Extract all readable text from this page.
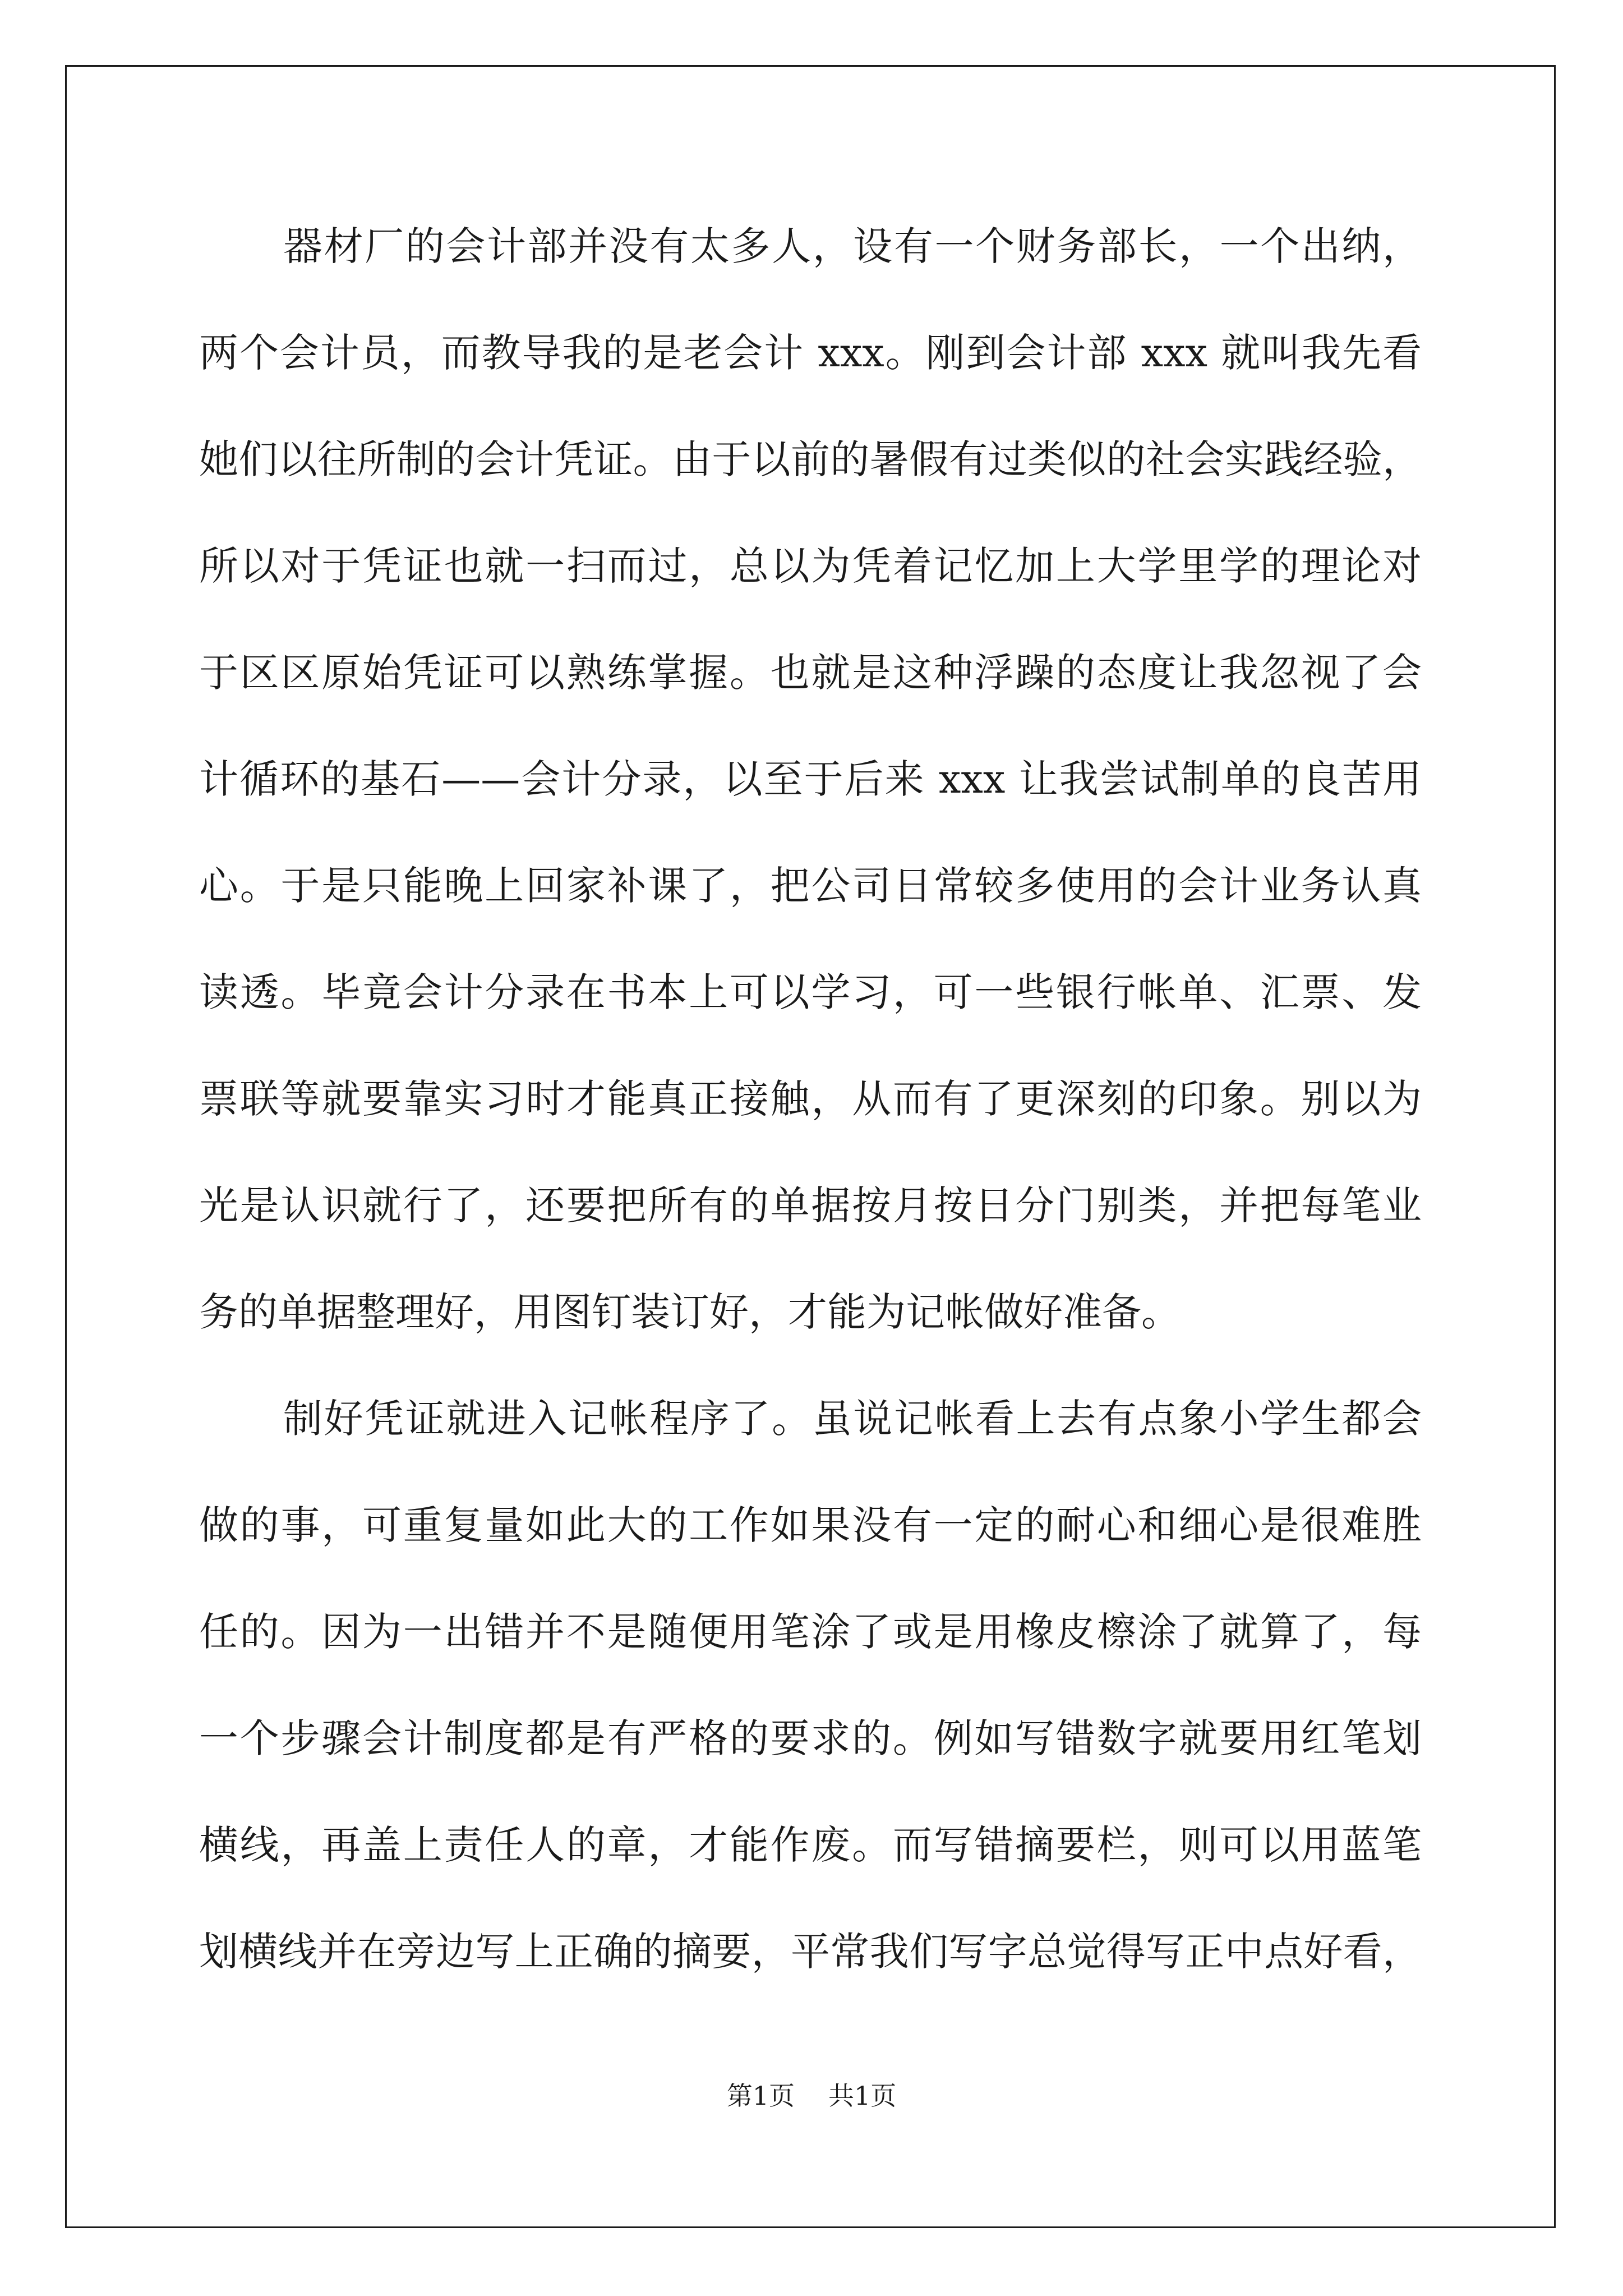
器材厂的会计部并没有太多人，设有一个财务部长，一个出纳，
两个会计员，而教导我的是老会计 xxx。刚到会计部 xxx 就叫我先看
她们以往所制的会计凭证。由于以前的暑假有过类似的社会实践经验，
所以对于凭证也就一扫而过，总以为凭着记忆加上大学里学的理论对
于区区原始凭证可以熟练掌握。也就是这种浮躁的态度让我忽视了会
计循环的基石——会计分录，以至于后来 xxx 让我尝试制单的良苦用
心。于是只能晚上回家补课了，把公司日常较多使用的会计业务认真
读透。毕竟会计分录在书本上可以学习，可一些银行帐单、汇票、发
票联等就要靠实习时才能真正接触，从而有了更深刻的印象。别以为
光是认识就行了，还要把所有的单据按月按日分门别类，并把每笔业
务的单据整理好，用图钉装订好，才能为记帐做好准备。
制好凭证就进入记帐程序了。虽说记帐看上去有点象小学生都会
做的事，可重复量如此大的工作如果没有一定的耐心和细心是很难胜
任的。因为一出错并不是随便用笔涂了或是用橡皮檫涂了就算了，每
一个步骤会计制度都是有严格的要求的。例如写错数字就要用红笔划
横线，再盖上责任人的章，才能作废。而写错摘要栏，则可以用蓝笔
划横线并在旁边写上正确的摘要，平常我们写字总觉得写正中点好看，
第1页 共1页
